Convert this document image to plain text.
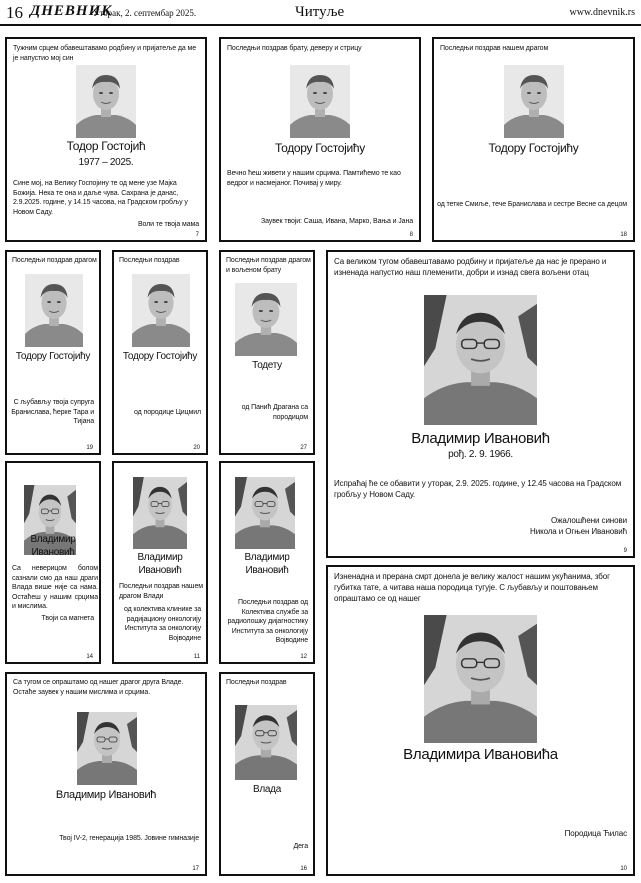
16 ДНЕВНИК
Уторак, 2. септембар 2025.	Читуље	www.dnevnik.rs
Тужним срцем обавештавамо родбину и пријатеље да ме је напустио мој син
Тодор Гостојић
1977 – 2025.
Сине мој, на Велику Госпојину те од мене узе Мајка Божија. Нека те она и даље чува. Сахрана је данас, 2.9.2025. године, у 14.15 часова, на Градском гробљу у Новом Саду.
Воли те твоја мама
7
Последњи поздрав брату, девеpу и стрицу
Тодору Гостојићу
Вечно ћеш живети у нашим срцима. Памтићемо те као ведрог и насмејаног. Почивај у миру.
Заувек твоји: Саша, Ивана, Марко, Вања и Јана
8
Последњи поздрав нашем драгом
Тодору Гостојићу
од тетке Смиље, тече Бранислава и сестре Весне са децом
18
Последњи поздрав драгом
Тодору Гостојићу
С љубављу твоја супруга Бранислава, ћерке Тара и Тијана
19
Последњи поздрав
Тодору Гостојићу
од породице Цицмил
20
Последњи поздрав драгом и вољеном брату
Тодету
од Панић Драгана са породицом
27
Са великом тугом обавештавамо родбину и пријатеље да нас је прерано и изненада напустио наш племенити, добри и изнад свега вољени отац
Владимир Ивановић
рођ. 2. 9. 1966.
Испраћај ће се обавити у уторак, 2.9. 2025. године, у 12.45 часова на Градском гробљу у Новом Саду.
Ожалошћени синови
Никола и Огњен Ивановић
9
Владимир
Ивановић
Са неверицом болом сазнали смо да наш драги Влада више није са нама. Остаћеш у нашим срцима и мислима.
Твоји са магнета
14
Владимир
Ивановић
Последњи поздрав нашем драгом Влади
од колектива клинике за радијациону онкологију Института за онкологију Војводине
11
Владимир
Ивановић
Последњи поздрав од Колектива службе за радиолошку дијагностику Института за онкологију Војводине
12
Изненадна и прерана смрт донела је велику жалост нашим укућанима, због губитка тате, а читава наша породица тугује. С љубављу и поштовањем опраштамо се од нашег
Владимира Ивановића
Породица Ћилас
10
Са тугом се опраштамо од нашег драгог друга Владе. Остаће заувек у нашим мислима и срцима.
Владимир Ивановић
Твој IV-2, генерација 1985. Јовине гимназије
17
Последњи поздрав
Влада
Дега
16
